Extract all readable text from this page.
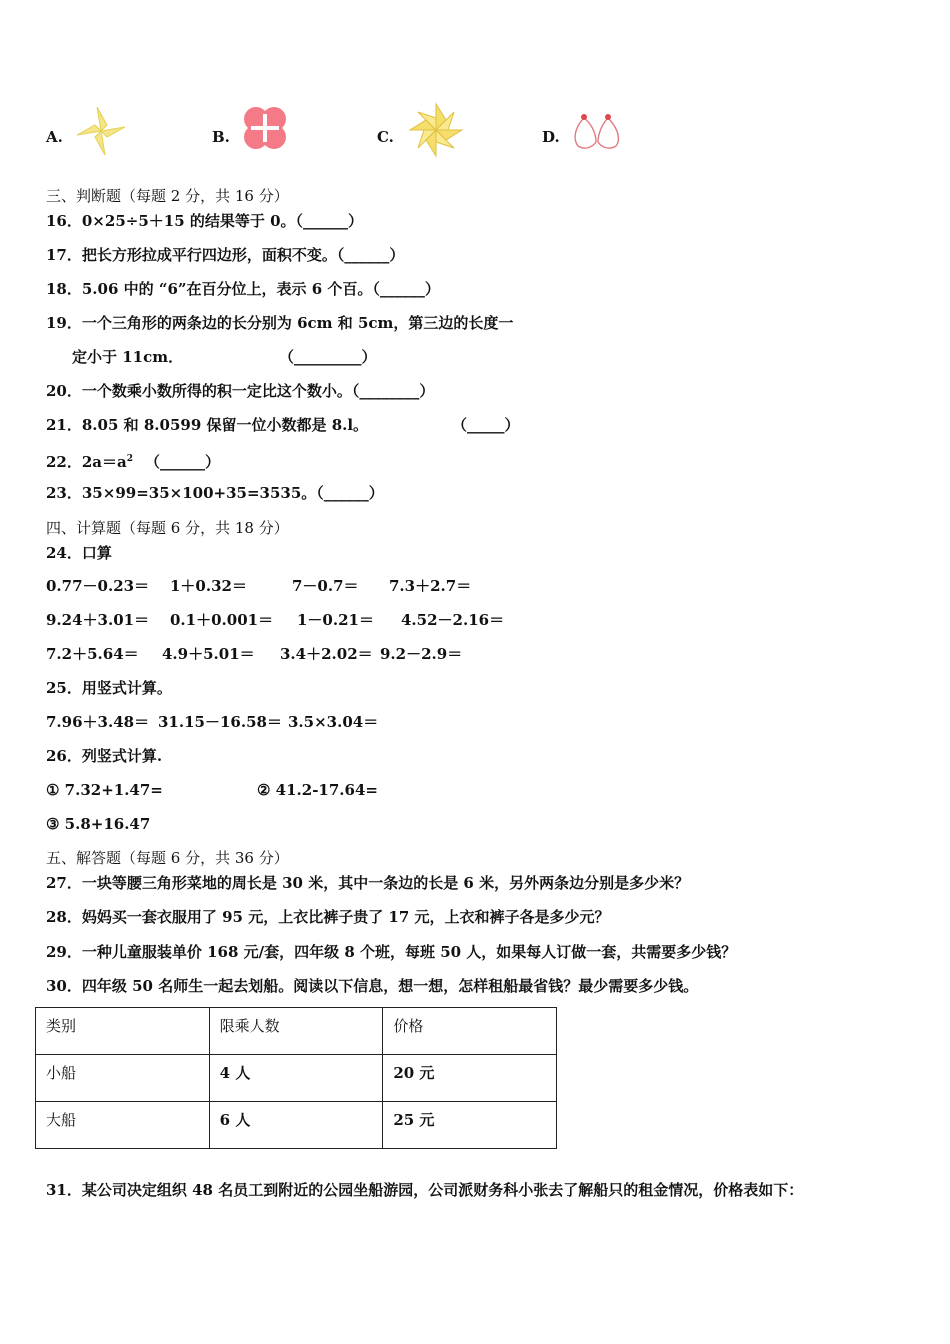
A.	B.	C.	D.
三、判断题（每题 2 分，共 16 分）
16．0×25÷5＋15 的结果等于 0。（______）
17．把长方形拉成平行四边形，面积不变。（______）
18．5.06 中的 “6”在百分位上，表示 6 个百。（______）
19．一个三角形的两条边的长分别为 6cm 和 5cm，第三边的长度一
定小于 11cm．	（_________）
20．一个数乘小数所得的积一定比这个数小。（________）
21．8.05 和 8.0599 保留一位小数都是 8.l。	（_____）
22．$2a=a^2$ （______）
23．35×99=35×100+35=3535。（______）
四、计算题（每题 6 分，共 18 分）
24．口算
0.77－0.23＝ 1＋0.32＝	7－0.7＝ 7.3＋2.7＝
9.24＋3.01＝ 0.1＋0.001＝ 1－0.21＝ 4.52－2.16＝
7.2＋5.64＝ 4.9＋5.01＝ 3.4＋2.02＝ 9.2－2.9＝
25．用竖式计算。
7.96＋3.48＝ 31.15－16.58＝ 3.5×3.04＝
26．列竖式计算.
① 7.32+1.47=	② 41.2-17.64=
③ 5.8+16.47
五、解答题（每题 6 分，共 36 分）
27．一块等腰三角形菜地的周长是 30 米，其中一条边的长是 6 米，另外两条边分别是多少米？
28．妈妈买一套衣服用了 95 元，上衣比裤子贵了 17 元，上衣和裤子各是多少元？
29．一种儿童服装单价 168 元/套，四年级 8 个班，每班 50 人，如果每人订做一套，共需要多少钱？
30．四年级 50 名师生一起去划船。阅读以下信息，想一想，怎样租船最省钱？最少需要多少钱。
类别	限乘人数	价格
小船	4 人	20 元
大船	6 人	25 元
31．某公司决定组织 48 名员工到附近的公园坐船游园，公司派财务科小张去了解船只的租金情况，价格表如下：
